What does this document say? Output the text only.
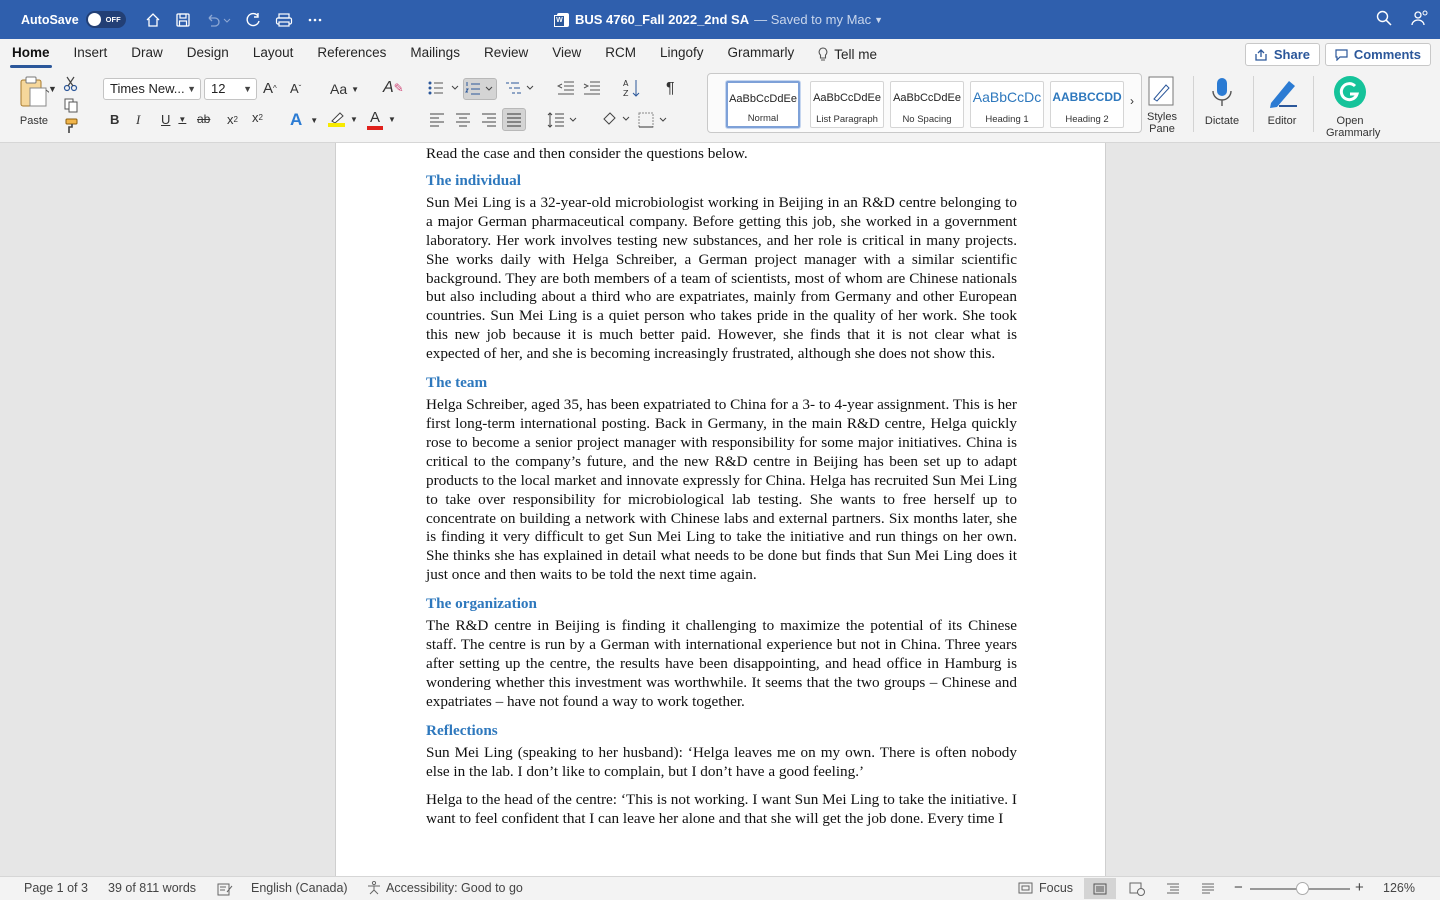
AutoSave	OFF
W	BUS 4760_Fall 2022_2nd SA — Saved to my Mac ▼
Home	Insert	Draw	Design	Layout	References	Mailings	Review	View	RCM	Lingofy	Grammarly	Tell me	Share	Comments
Paste
▼	Times New... ▼	12 ▼ A ^ A ˇ Aa ▼ A ✎
B I U ▼ ab x 2 x 2 A ▼	▼ A	▼
A
Z ¶
AaBbCcDdEe
Normal
AaBbCcDdEe
List Paragraph
AaBbCcDdEe
No Spacing
AaBbCcDc
Heading 1
AABBCCDD
Heading 2
›
Styles Pane
Dictate	Editor	Open Grammarly

Read the case and then consider the questions below.

The individual

Sun Mei Ling is a 32-year-old microbiologist working in Beijing in an R&D centre belonging to a major German pharmaceutical company. Before getting this job, she worked in a government laboratory. Her work involves testing new substances, and her role is critical in many projects. She works daily with Helga Schreiber, a German project manager with a similar scientific background. They are both members of a team of scientists, most of whom are Chinese nationals but also including about a third who are expatriates, mainly from Germany and other European countries. Sun Mei Ling is a quiet person who takes pride in the quality of her work. She took this new job because it is much better paid. However, she finds that it is not clear what is expected of her, and she is becoming increasingly frustrated, although she does not show this.

The team

Helga Schreiber, aged 35, has been expatriated to China for a 3- to 4-year assignment. This is her first long-term international posting. Back in Germany, in the main R&D centre, Helga quickly rose to become a senior project manager with responsibility for some major initiatives. China is critical to the company’s future, and the new R&D centre in Beijing has been set up to adapt products to the local market and innovate expressly for China. Helga has recruited Sun Mei Ling to take over responsibility for microbiological lab testing. She wants to free herself up to concentrate on building a network with Chinese labs and external partners. Six months later, she is finding it very difficult to get Sun Mei Ling to take the initiative and run things on her own. She thinks she has explained in detail what needs to be done but finds that Sun Mei Ling does it just once and then waits to be told the next time again.

The organization

The R&D centre in Beijing is finding it challenging to maximize the potential of its Chinese staff. The centre is run by a German with international experience but not in China. Three years after setting up the centre, the results have been disappointing, and head office in Hamburg is wondering whether this investment was worthwhile. It seems that the two groups – Chinese and expatriates – have not found a way to work together.

Reflections

Sun Mei Ling (speaking to her husband): ‘Helga leaves me on my own. There is often nobody else in the lab. I don’t like to complain, but I don’t have a good feeling.’

Helga to the head of the centre: ‘This is not working. I want Sun Mei Ling to take the initiative. I want to feel confident that I can leave her alone and that she will get the job done. Every time I

Page 1 of 3 39 of 811 words	English (Canada)	Accessibility: Good to go	Focus	−	+ 126%
